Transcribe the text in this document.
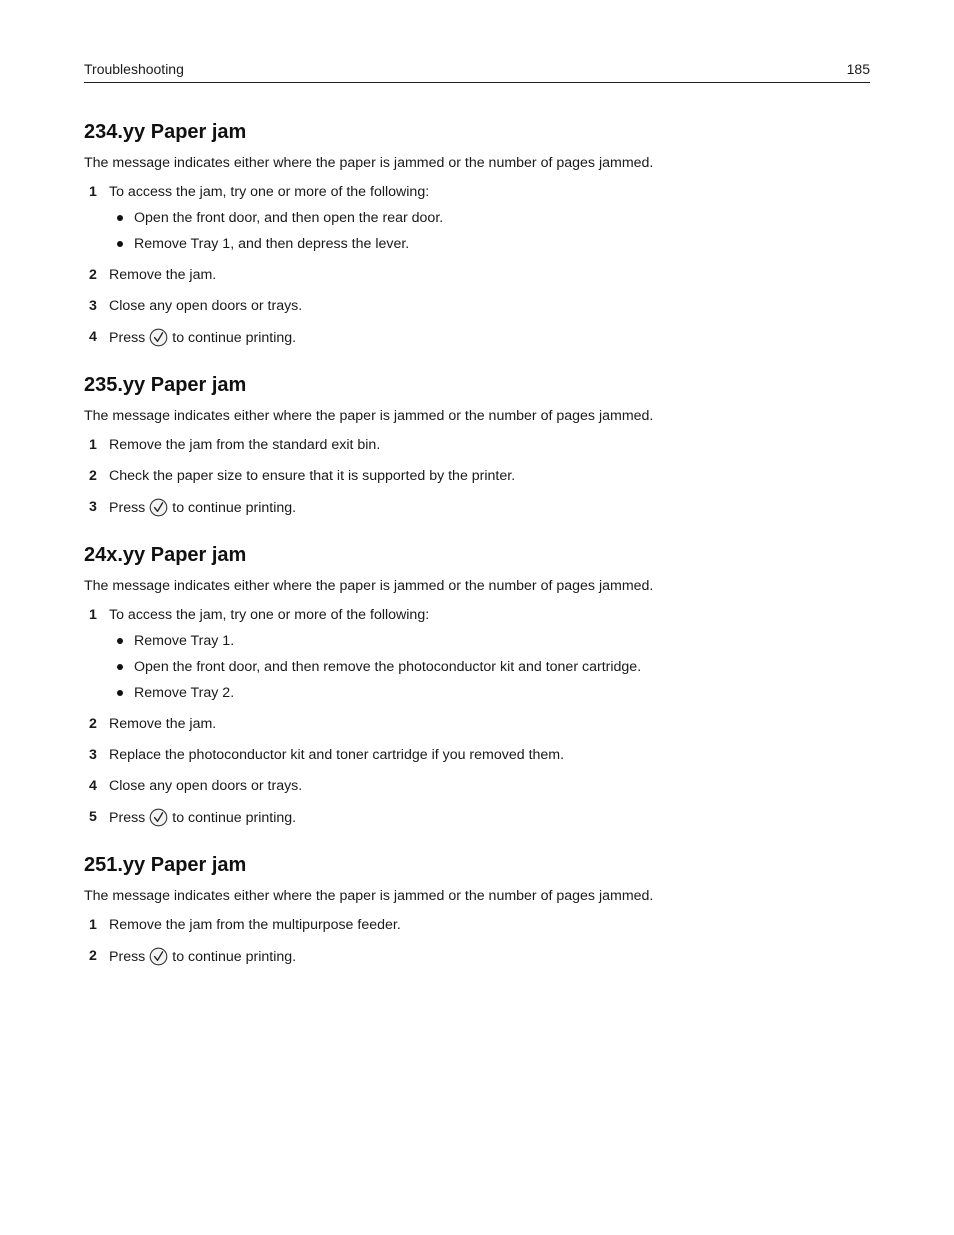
Troubleshooting	185
234.yy Paper jam

The message indicates either where the paper is jammed or the number of pages jammed.

1 To access the jam, try one or more of the following:
Open the front door, and then open the rear door.
Remove Tray 1, and then depress the lever.
2 Remove the jam.
3 Close any open doors or trays.
4 Press to continue printing.
235.yy Paper jam

The message indicates either where the paper is jammed or the number of pages jammed.

1 Remove the jam from the standard exit bin.
2 Check the paper size to ensure that it is supported by the printer.
3 Press to continue printing.
24x.yy Paper jam

The message indicates either where the paper is jammed or the number of pages jammed.

1 To access the jam, try one or more of the following:
Remove Tray 1.
Open the front door, and then remove the photoconductor kit and toner cartridge.
Remove Tray 2.
2 Remove the jam.
3 Replace the photoconductor kit and toner cartridge if you removed them.
4 Close any open doors or trays.
5 Press to continue printing.
251.yy Paper jam

The message indicates either where the paper is jammed or the number of pages jammed.

1 Remove the jam from the multipurpose feeder.
2 Press to continue printing.
